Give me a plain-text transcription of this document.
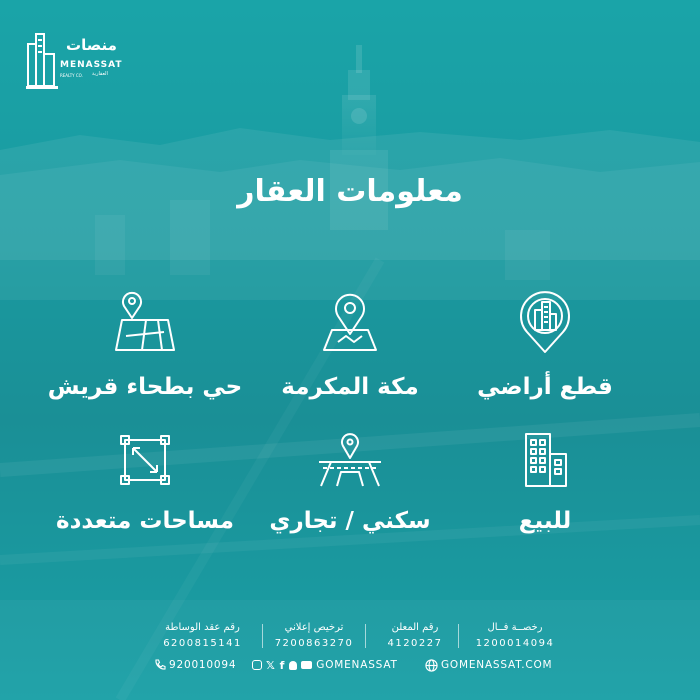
منصات
MENASSAT
REALTY CO. العقارية
معلومات العقار
قطع أراضي
مكة المكرمة
حي بطحاء قريش
للبيع
سكني / تجاري
مساحات متعددة
رخصــة فــال
1200014094
رقم المعلن
4120227
ترخيص إعلاني
7200863270
رقم عقد الوساطة
6200815141
GOMENASSAT.COM
𝕏 f	GOMENASSAT
920010094
